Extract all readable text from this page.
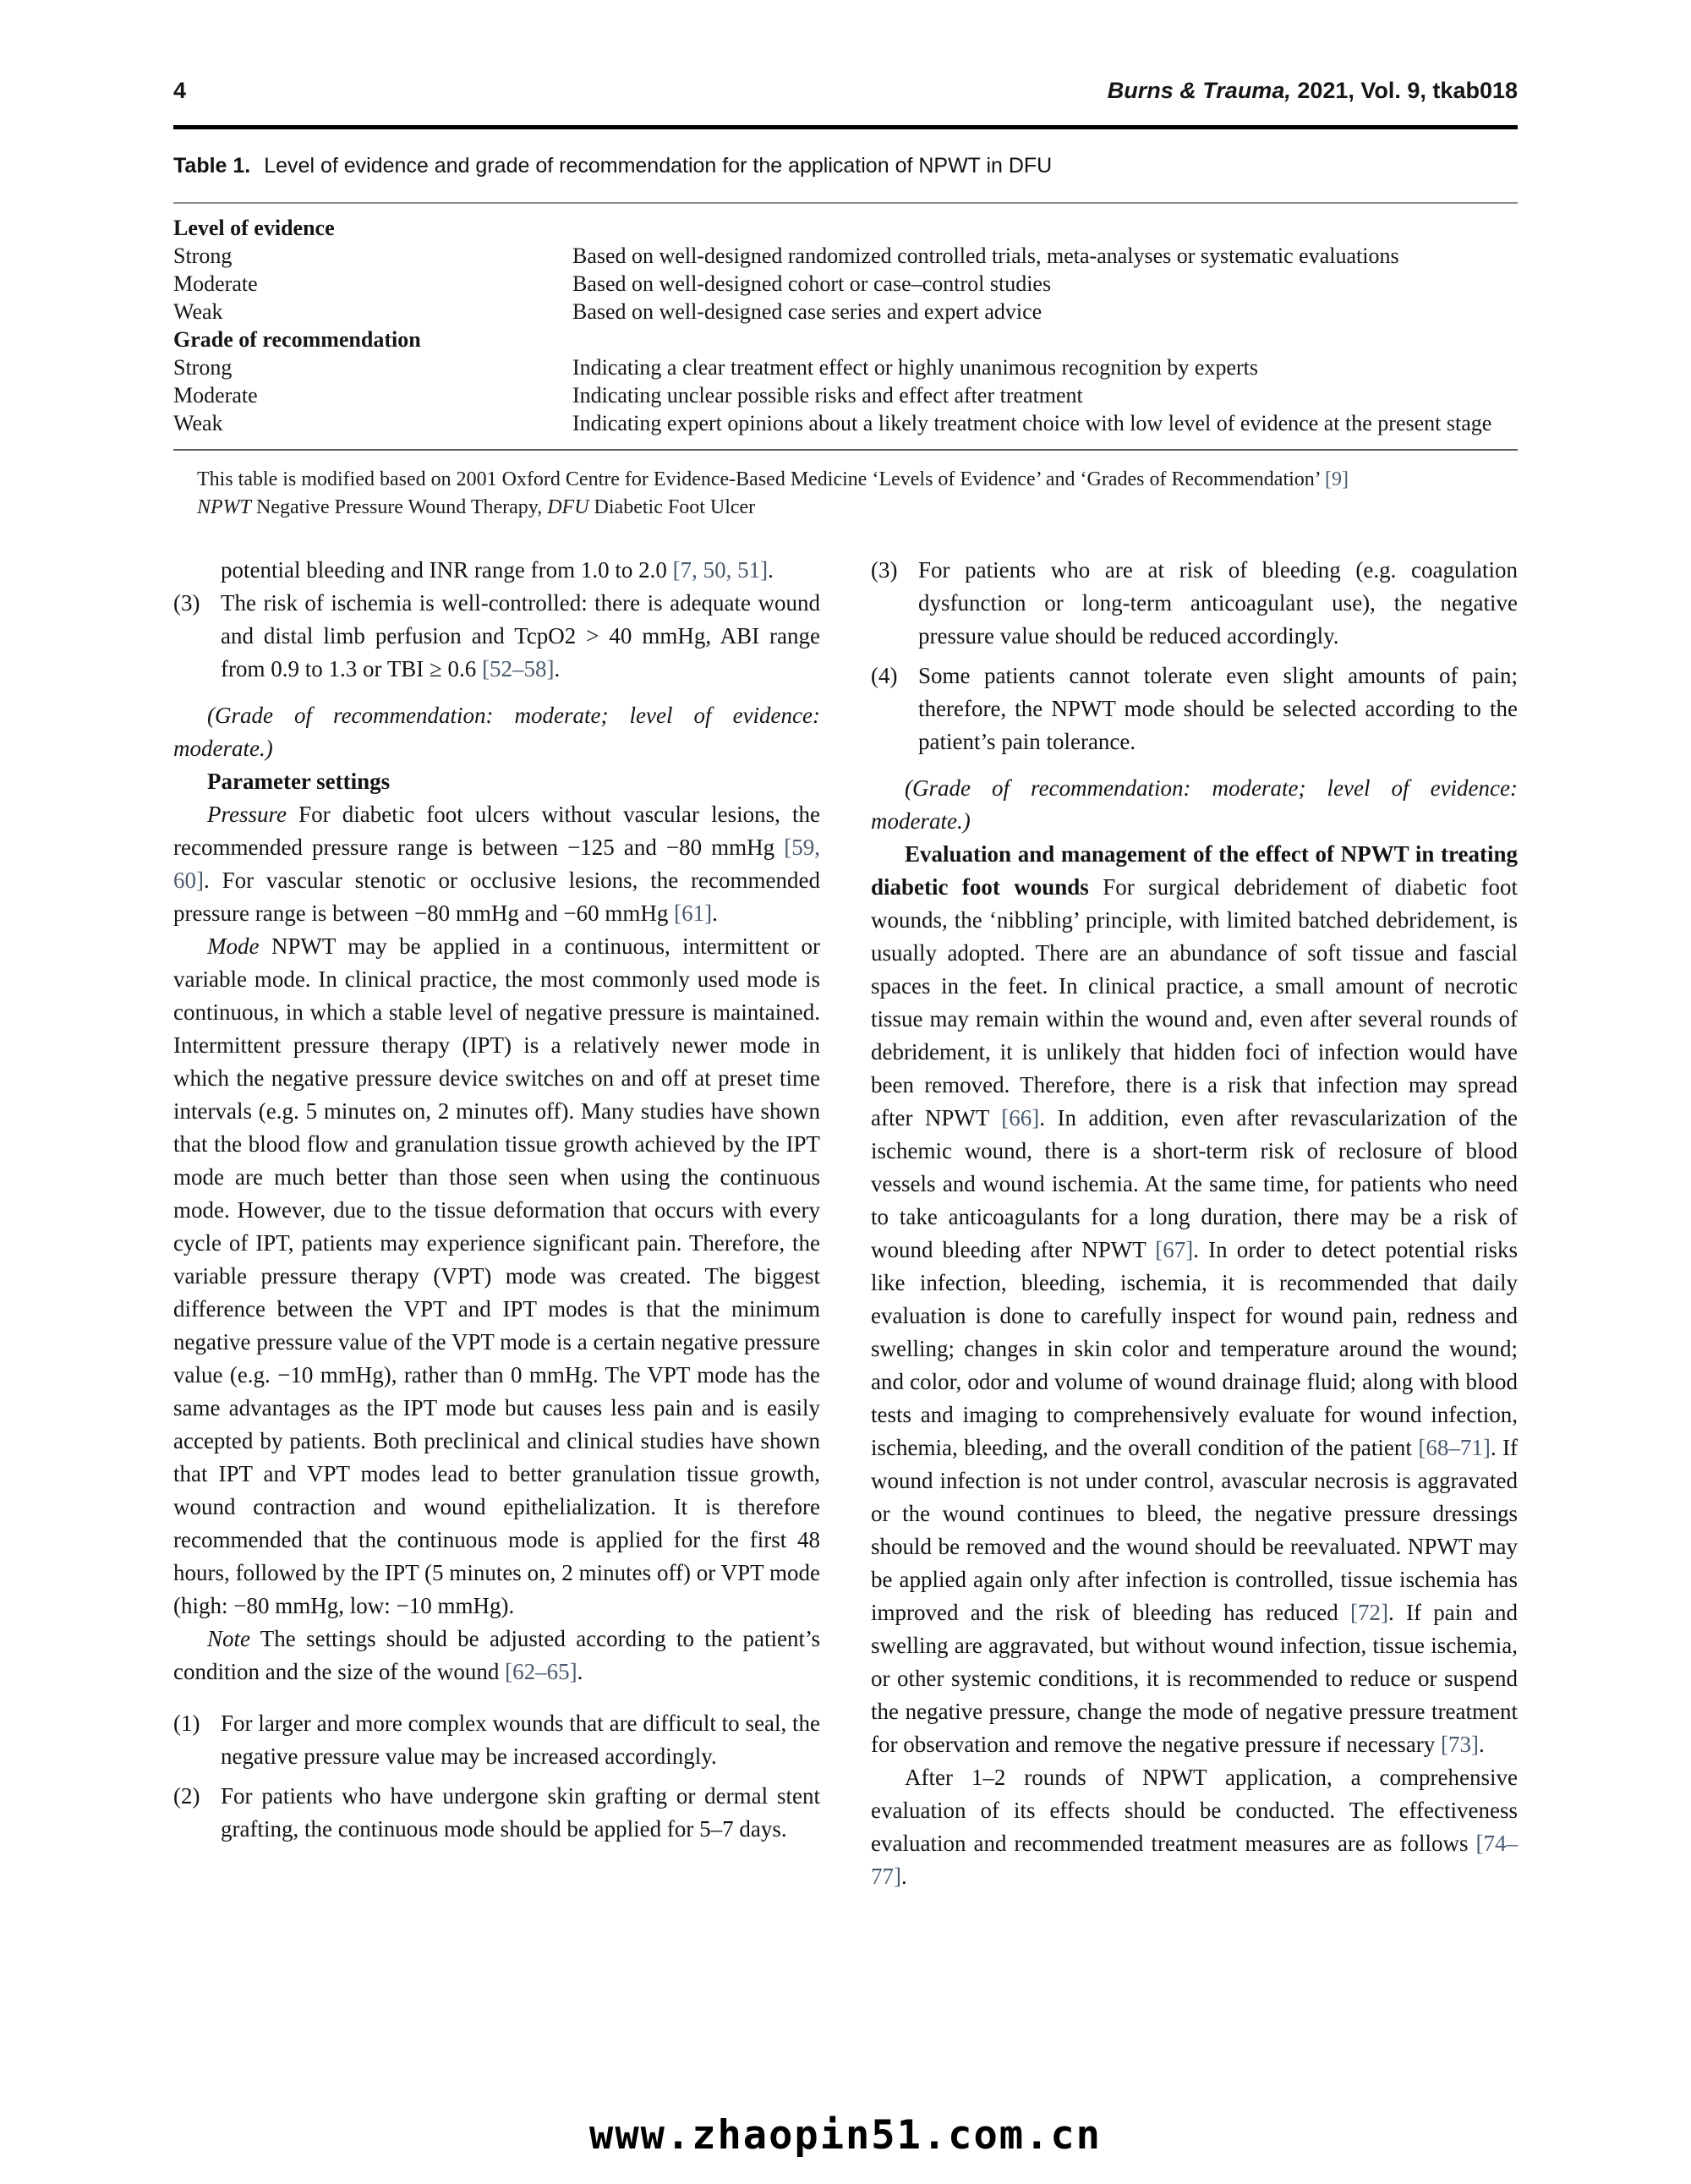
4	Burns & Trauma, 2021, Vol. 9, tkab018

Table 1. Level of evidence and grade of recommendation for the application of NPWT in DFU

Level of evidence	
Strong	Based on well-designed randomized controlled trials, meta-analyses or systematic evaluations
Moderate	Based on well-designed cohort or case–control studies
Weak	Based on well-designed case series and expert advice
Grade of recommendation	
Strong	Indicating a clear treatment effect or highly unanimous recognition by experts
Moderate	Indicating unclear possible risks and effect after treatment
Weak	Indicating expert opinions about a likely treatment choice with low level of evidence at the present stage

This table is modified based on 2001 Oxford Centre for Evidence-Based Medicine ‘Levels of Evidence’ and ‘Grades of Recommendation’ [9]

NPWT Negative Pressure Wound Therapy, DFU Diabetic Foot Ulcer

potential bleeding and INR range from 1.0 to 2.0 [7, 50, 51].
(3) The risk of ischemia is well-controlled: there is adequate wound and distal limb perfusion and TcpO2 > 40 mmHg, ABI range from 0.9 to 1.3 or TBI ≥ 0.6 [52–58].

(Grade of recommendation: moderate; level of evidence: moderate.)

Parameter settings

Pressure For diabetic foot ulcers without vascular lesions, the recommended pressure range is between −125 and −80 mmHg [59, 60]. For vascular stenotic or occlusive lesions, the recommended pressure range is between −80 mmHg and −60 mmHg [61].

Mode NPWT may be applied in a continuous, intermittent or variable mode. In clinical practice, the most commonly used mode is continuous, in which a stable level of negative pressure is maintained. Intermittent pressure therapy (IPT) is a relatively newer mode in which the negative pressure device switches on and off at preset time intervals (e.g. 5 minutes on, 2 minutes off). Many studies have shown that the blood flow and granulation tissue growth achieved by the IPT mode are much better than those seen when using the continuous mode. However, due to the tissue deformation that occurs with every cycle of IPT, patients may experience significant pain. Therefore, the variable pressure therapy (VPT) mode was created. The biggest difference between the VPT and IPT modes is that the minimum negative pressure value of the VPT mode is a certain negative pressure value (e.g. −10 mmHg), rather than 0 mmHg. The VPT mode has the same advantages as the IPT mode but causes less pain and is easily accepted by patients. Both preclinical and clinical studies have shown that IPT and VPT modes lead to better granulation tissue growth, wound contraction and wound epithelialization. It is therefore recommended that the continuous mode is applied for the first 48 hours, followed by the IPT (5 minutes on, 2 minutes off) or VPT mode (high: −80 mmHg, low: −10 mmHg).

Note The settings should be adjusted according to the patient’s condition and the size of the wound [62–65].

(1) For larger and more complex wounds that are difficult to seal, the negative pressure value may be increased accordingly.
(2) For patients who have undergone skin grafting or dermal stent grafting, the continuous mode should be applied for 5–7 days.
(3) For patients who are at risk of bleeding (e.g. coagulation dysfunction or long-term anticoagulant use), the negative pressure value should be reduced accordingly.
(4) Some patients cannot tolerate even slight amounts of pain; therefore, the NPWT mode should be selected according to the patient’s pain tolerance.

(Grade of recommendation: moderate; level of evidence: moderate.)

Evaluation and management of the effect of NPWT in treating diabetic foot wounds For surgical debridement of diabetic foot wounds, the ‘nibbling’ principle, with limited batched debridement, is usually adopted. There are an abundance of soft tissue and fascial spaces in the feet. In clinical practice, a small amount of necrotic tissue may remain within the wound and, even after several rounds of debridement, it is unlikely that hidden foci of infection would have been removed. Therefore, there is a risk that infection may spread after NPWT [66]. In addition, even after revascularization of the ischemic wound, there is a short-term risk of reclosure of blood vessels and wound ischemia. At the same time, for patients who need to take anticoagulants for a long duration, there may be a risk of wound bleeding after NPWT [67]. In order to detect potential risks like infection, bleeding, ischemia, it is recommended that daily evaluation is done to carefully inspect for wound pain, redness and swelling; changes in skin color and temperature around the wound; and color, odor and volume of wound drainage fluid; along with blood tests and imaging to comprehensively evaluate for wound infection, ischemia, bleeding, and the overall condition of the patient [68–71]. If wound infection is not under control, avascular necrosis is aggravated or the wound continues to bleed, the negative pressure dressings should be removed and the wound should be reevaluated. NPWT may be applied again only after infection is controlled, tissue ischemia has improved and the risk of bleeding has reduced [72]. If pain and swelling are aggravated, but without wound infection, tissue ischemia, or other systemic conditions, it is recommended to reduce or suspend the negative pressure, change the mode of negative pressure treatment for observation and remove the negative pressure if necessary [73].

After 1–2 rounds of NPWT application, a comprehensive evaluation of its effects should be conducted. The effectiveness evaluation and recommended treatment measures are as follows [74–77].

www.zhaopin51.com.cn
